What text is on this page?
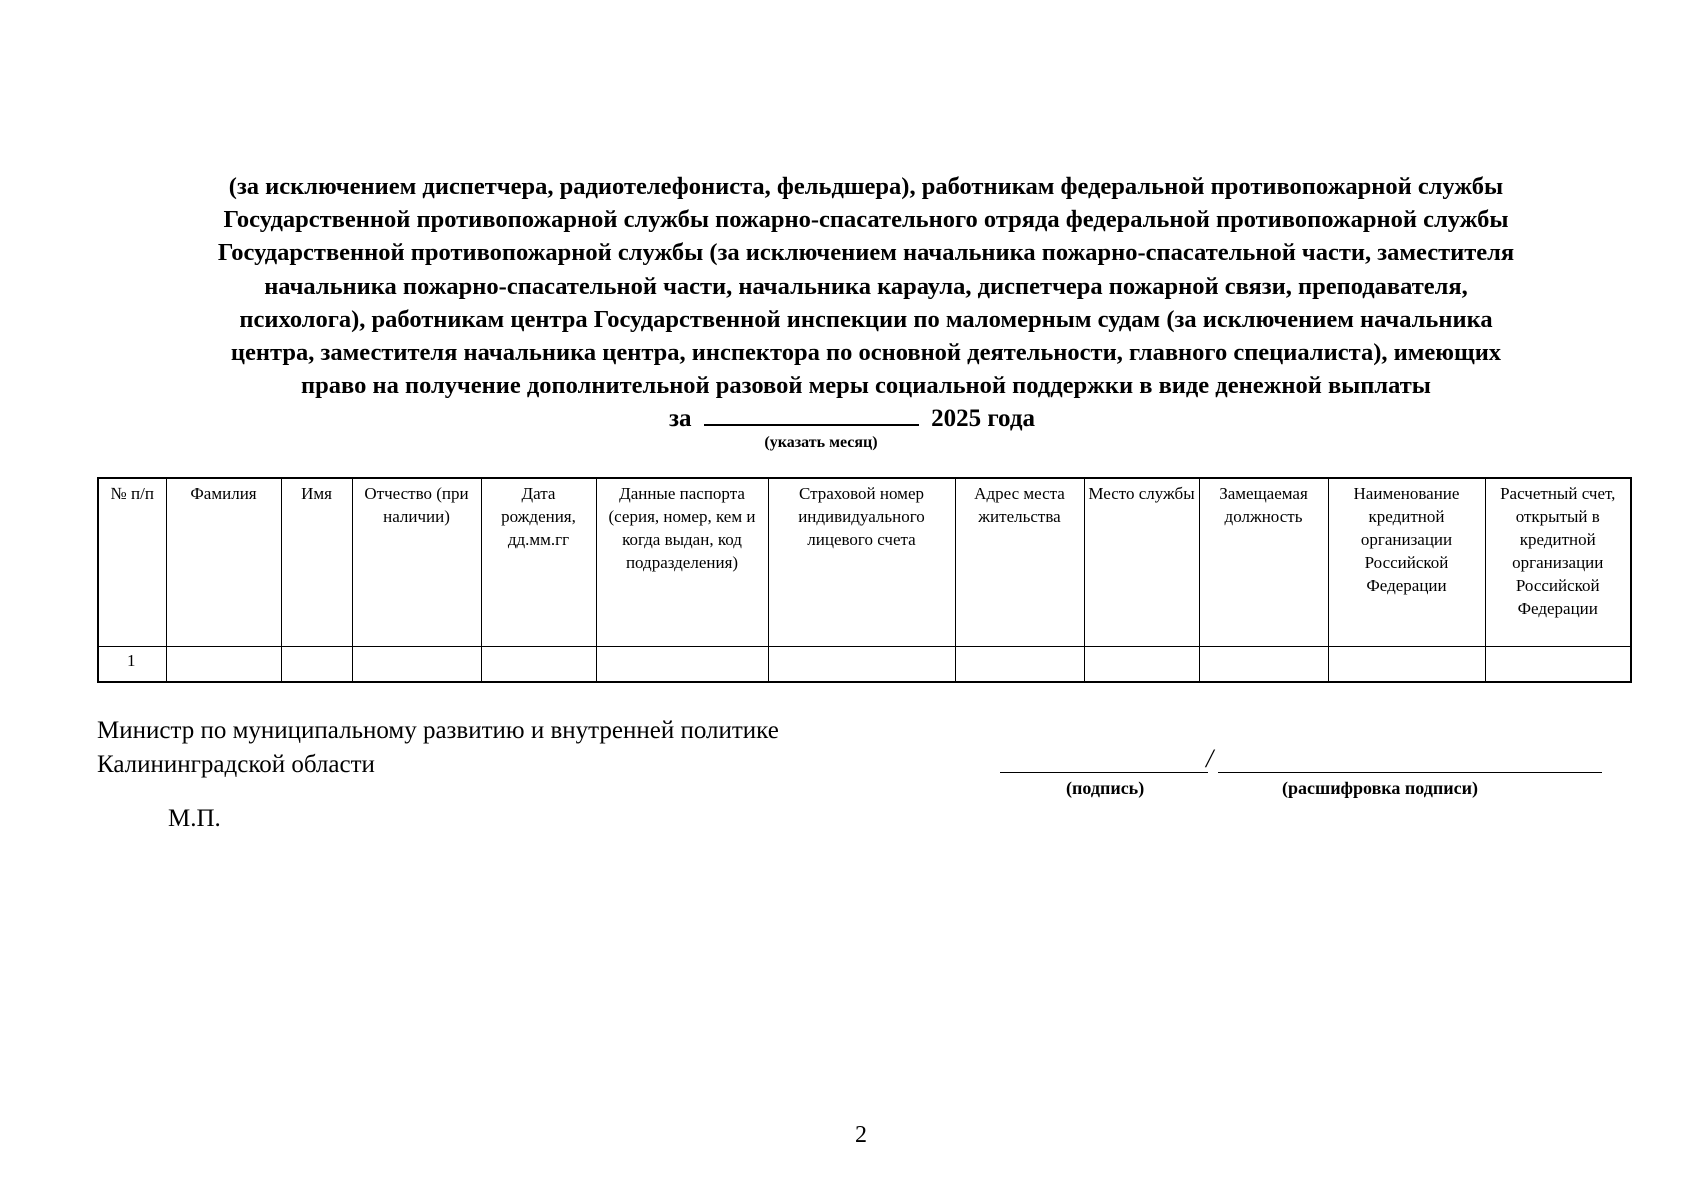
(за исключением диспетчера, радиотелефониста, фельдшера), работникам федеральной противопожарной службы
Государственной противопожарной службы пожарно-спасательного отряда федеральной противопожарной службы
Государственной противопожарной службы (за исключением начальника пожарно-спасательной части, заместителя
начальника пожарно-спасательной части, начальника караула, диспетчера пожарной связи, преподавателя,
психолога), работникам центра Государственной инспекции по маломерным судам (за исключением начальника
центра, заместителя начальника центра, инспектора по основной деятельности, главного специалиста), имеющих
право на получение дополнительной разовой меры социальной поддержки в виде денежной выплаты
за	2025 года
(указать месяц)
№ п/п	Фамилия	Имя	Отчество (при наличии)	Дата рождения, дд.мм.гг	Данные паспорта (серия, номер, кем и когда выдан, код подразделения)	Страховой номер индивидуального лицевого счета	Адрес места жительства	Место службы	Замещаемая должность	Наименование кредитной организации Российской Федерации	Расчетный счет, открытый в кредитной организации Российской Федерации
1											
Министр по муниципальному развитию и внутренней политике
Калининградской области	/
(подпись)	(расшифровка подписи)
М.П.
2
